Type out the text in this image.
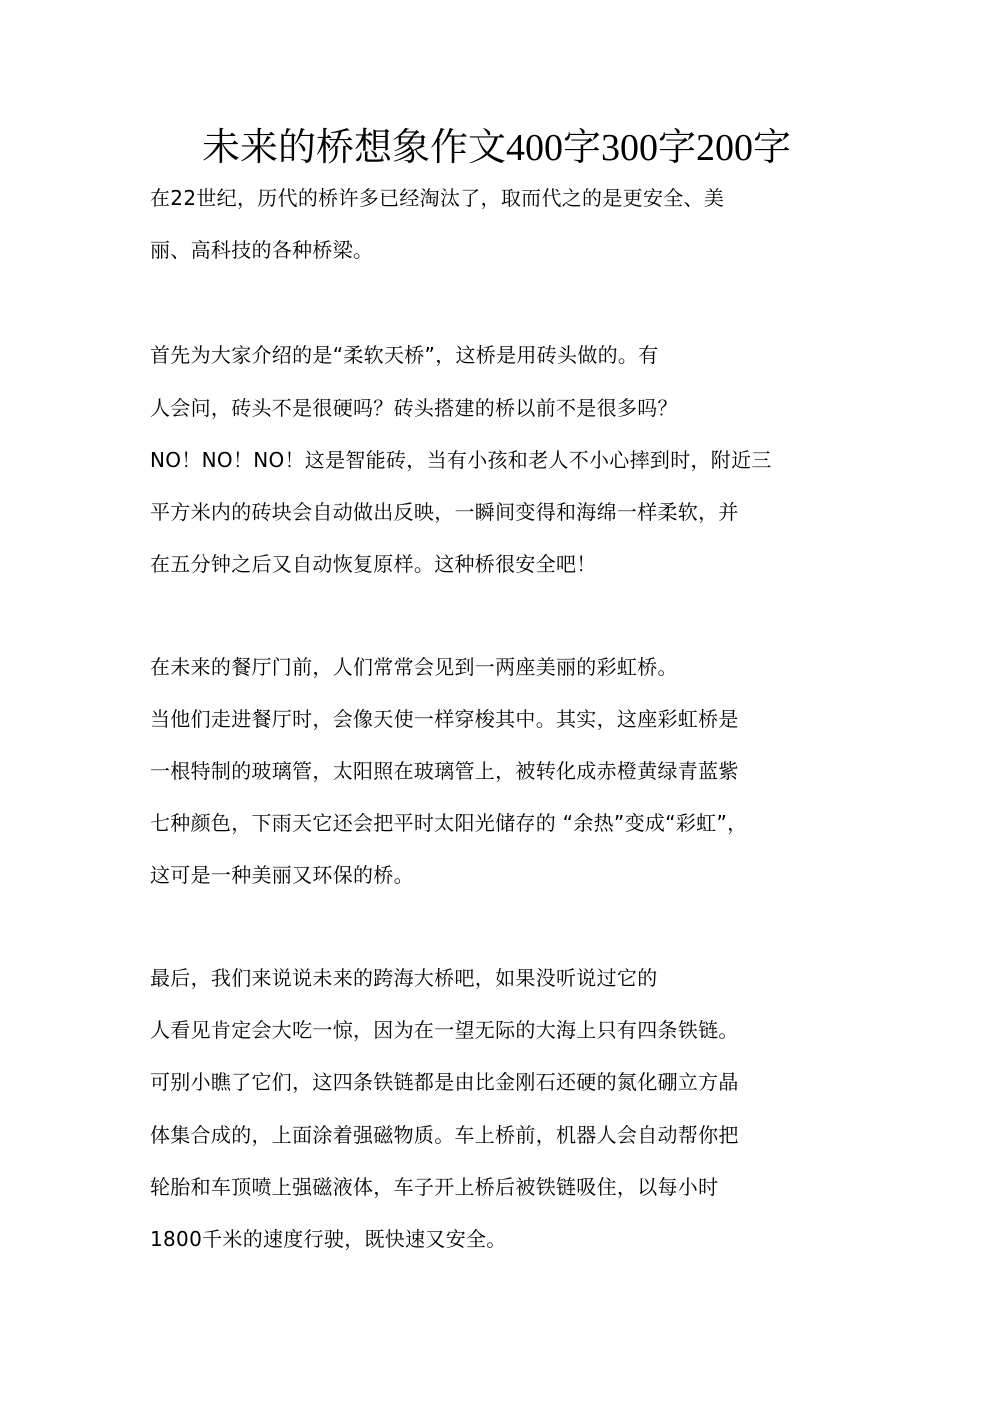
未来的桥想象作文400字300字200字
在22世纪，历代的桥许多已经淘汰了，取而代之的是更安全、美
丽、高科技的各种桥梁。
首先为大家介绍的是“柔软天桥”，这桥是用砖头做的。有
人会问，砖头不是很硬吗？砖头搭建的桥以前不是很多吗？
NO！NO！NO！这是智能砖，当有小孩和老人不小心摔到时，附近三
平方米内的砖块会自动做出反映，一瞬间变得和海绵一样柔软，并
在五分钟之后又自动恢复原样。这种桥很安全吧！
在未来的餐厅门前，人们常常会见到一两座美丽的彩虹桥。
当他们走进餐厅时，会像天使一样穿梭其中。其实，这座彩虹桥是
一根特制的玻璃管，太阳照在玻璃管上，被转化成赤橙黄绿青蓝紫
七种颜色，下雨天它还会把平时太阳光储存的 “余热”变成“彩虹”，
这可是一种美丽又环保的桥。
最后，我们来说说未来的跨海大桥吧，如果没听说过它的
人看见肯定会大吃一惊，因为在一望无际的大海上只有四条铁链。
可别小瞧了它们，这四条铁链都是由比金刚石还硬的氮化硼立方晶
体集合成的，上面涂着强磁物质。车上桥前，机器人会自动帮你把
轮胎和车顶喷上强磁液体，车子开上桥后被铁链吸住，以每小时
1800千米的速度行驶，既快速又安全。
